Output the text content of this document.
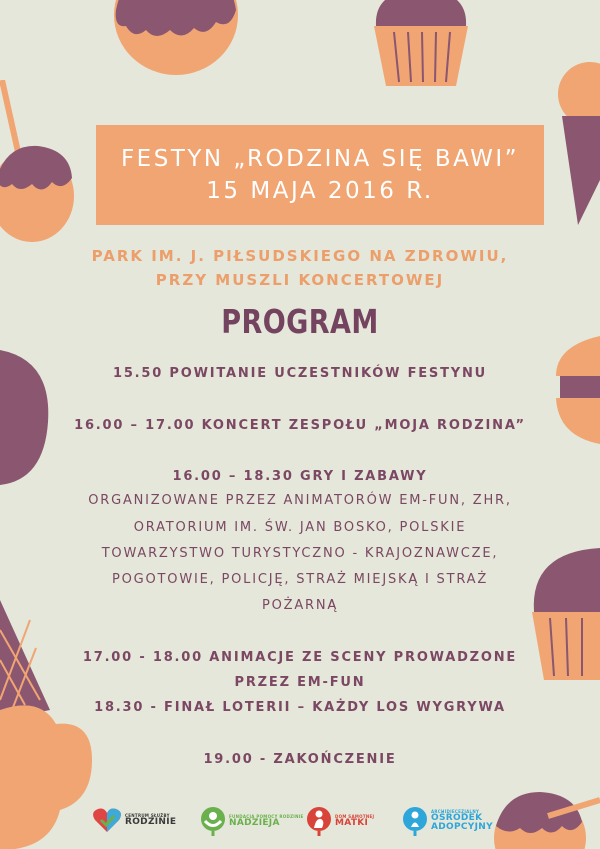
FESTYN „RODZINA SIĘ BAWI”
15 MAJA 2016 R.
PARK IM. J. PIŁSUDSKIEGO NA ZDROWIU,
PRZY MUSZLI KONCERTOWEJ
PROGRAM
15.50 POWITANIE UCZESTNIKÓW FESTYNU
16.00 – 17.00 KONCERT ZESPOŁU „MOJA RODZINA”
16.00 – 18.30 GRY I ZABAWY
ORGANIZOWANE PRZEZ ANIMATORÓW EM-FUN, ZHR,
ORATORIUM IM. ŚW. JAN BOSKO, POLSKIE
TOWARZYSTWO TURYSTYCZNO - KRAJOZNAWCZE,
POGOTOWIE, POLICJĘ, STRAŻ MIEJSKĄ I STRAŻ
POŻARNĄ
17.00 - 18.00 ANIMACJE ZE SCENY PROWADZONE
PRZEZ EM-FUN
18.30 - FINAŁ LOTERII – KAŻDY LOS WYGRYWA
19.00 - ZAKOŃCZENIE
CENTRUM SŁUŻBY
RODZINIE
FUNDACJA POMOCY RODZINIE
NADZIEJA
DOM SAMOTNEJ
MATKI
ARCHIDIECEZJALNY
OŚRODEK ADOPCYJNY
